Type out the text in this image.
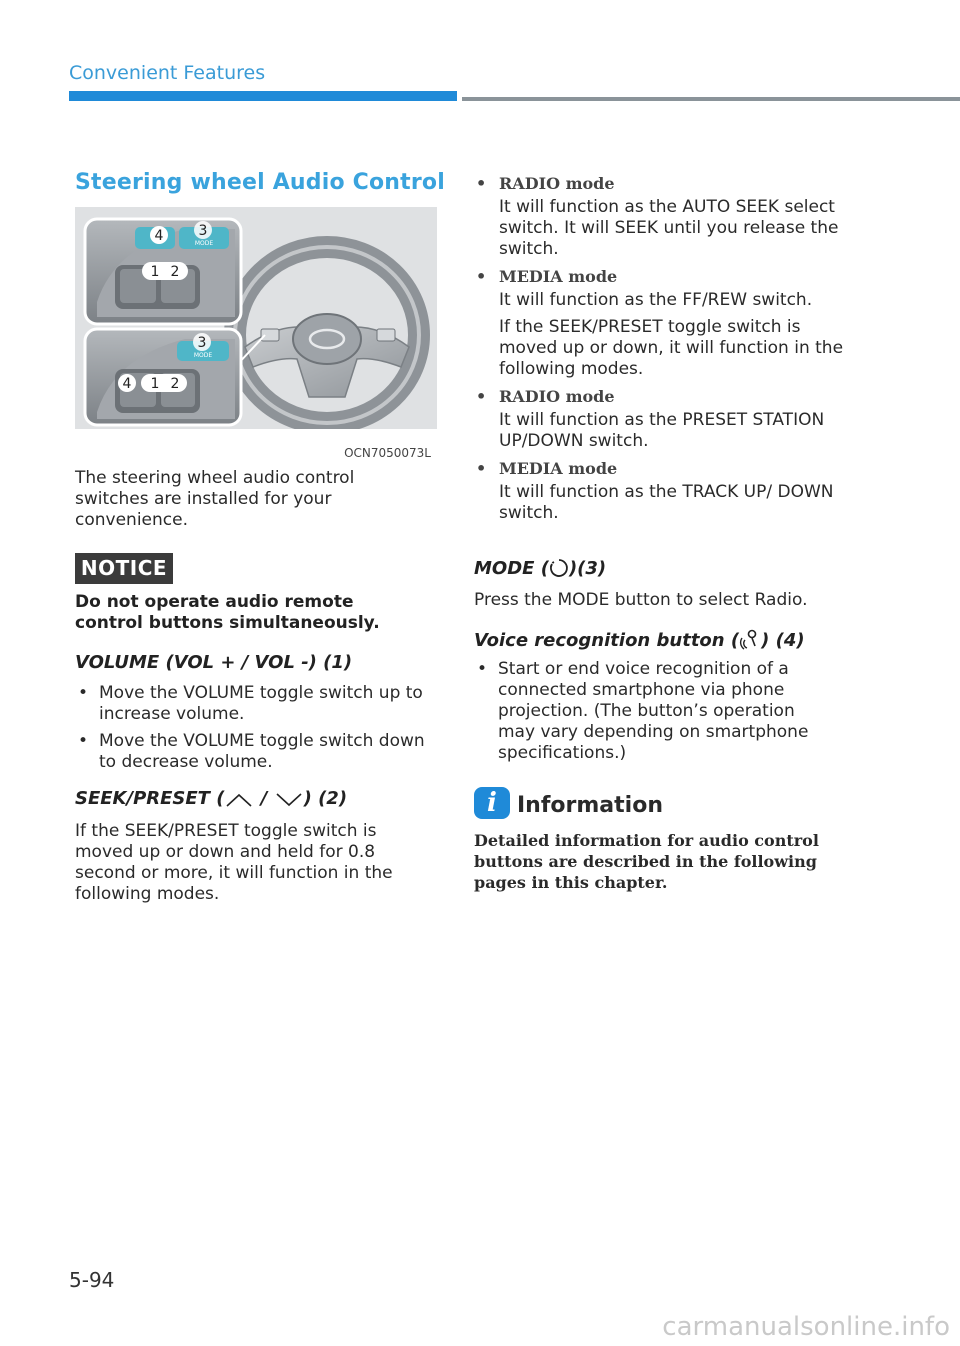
Convenient Features
Steering wheel Audio Control
MODE
1 2
4	3
MODE
1 2
4
3
OCN7050073L

The steering wheel audio control switches are installed for your convenience.

NOTICE

Do not operate audio remote control buttons simultaneously.

VOLUME (VOL + / VOL -) (1)
• Move the VOLUME toggle switch up to increase volume.
• Move the VOLUME toggle switch down to decrease volume.
SEEK/PRESET ( / ) (2)

If the SEEK/PRESET toggle switch is moved up or down and held for 0.8 second or more, it will function in the following modes.

• RADIO mode

It will function as the AUTO SEEK select switch. It will SEEK until you release the switch.

• MEDIA mode

It will function as the FF/REW switch.

If the SEEK/PRESET toggle switch is moved up or down, it will function in the following modes.

• RADIO mode

It will function as the PRESET STATION UP/DOWN switch.

• MEDIA mode

It will function as the TRACK UP/ DOWN switch.

MODE ( )(3)

Press the MODE button to select Radio.

Voice recognition button ( ) (4)
• Start or end voice recognition of a connected smartphone via phone projection. (The button’s operation may vary depending on smartphone specifications.)
i Information

Detailed information for audio control buttons are described in the following pages in this chapter.

5-94
carmanualsonline.info
